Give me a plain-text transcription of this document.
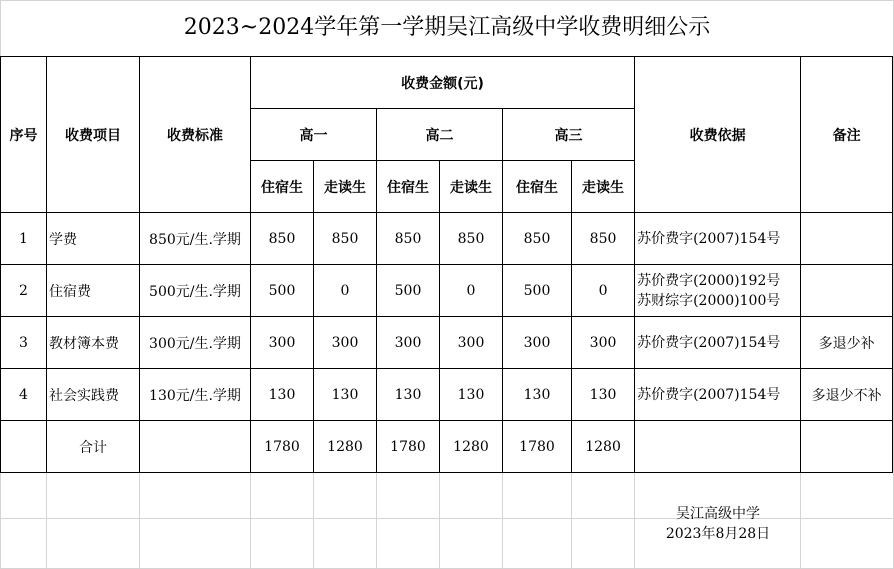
2023~2024学年第一学期吴江高级中学收费明细公示
序号	收费项目	收费标准	收费金额(元)						收费依据	备注
			高一		高二		高三			
			住宿生	走读生	住宿生	走读生	住宿生	走读生		
1	学费	850元/生.学期	850	850	850	850	850	850	苏价费字(2007)154号	

2	住宿费	500元/生.学期	500	0	500	0	500	0	苏价费字(2000)192号
苏财综字(2000)100号	

3	教材簿本费	300元/生.学期	300	300	300	300	300	300	苏价费字(2007)154号	多退少补
4	社会实践费	130元/生.学期	130	130	130	130	130	130	苏价费字(2007)154号	多退少不补
	合计		1780	1280	1780	1280	1780	1280		
吴江高级中学
2023年8月28日
